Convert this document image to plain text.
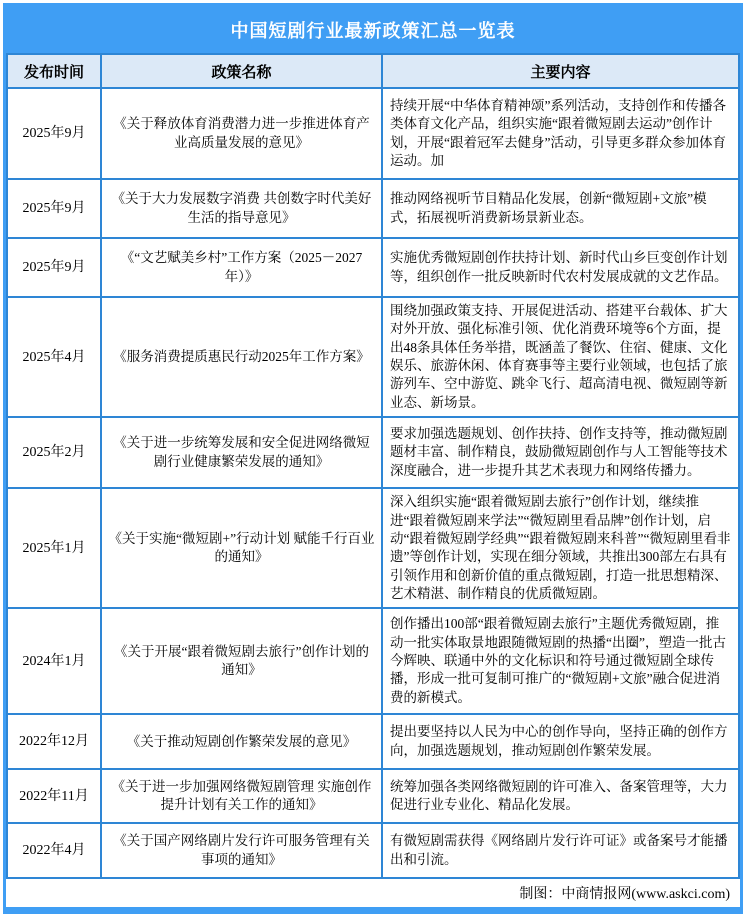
中国短剧行业最新政策汇总一览表
发布时间	政策名称	主要内容
2025年9月	《关于释放体育消费潜力进一步推进体育产业高质量发展的意见》	持续开展“中华体育精神颂”系列活动，支持创作和传播各类体育文化产品，组织实施“跟着微短剧去运动”创作计划，开展“跟着冠军去健身”活动，引导更多群众参加体育运动。加
2025年9月	《关于大力发展数字消费 共创数字时代美好生活的指导意见》	推动网络视听节目精品化发展，创新“微短剧+文旅”模式，拓展视听消费新场景新业态。
2025年9月	《“文艺赋美乡村”工作方案（2025－2027年）》	实施优秀微短剧创作扶持计划、新时代山乡巨变创作计划等，组织创作一批反映新时代农村发展成就的文艺作品。
2025年4月	《服务消费提质惠民行动2025年工作方案》	围绕加强政策支持、开展促进活动、搭建平台载体、扩大对外开放、强化标准引领、优化消费环境等6个方面，提出48条具体任务举措，既涵盖了餐饮、住宿、健康、文化娱乐、旅游休闲、体育赛事等主要行业领域，也包括了旅游列车、空中游览、跳伞飞行、超高清电视、微短剧等新业态、新场景。
2025年2月	《关于进一步统筹发展和安全促进网络微短剧行业健康繁荣发展的通知》	要求加强选题规划、创作扶持、创作支持等，推动微短剧题材丰富、制作精良，鼓励微短剧创作与人工智能等技术深度融合，进一步提升其艺术表现力和网络传播力。
2025年1月	《关于实施“微短剧+”行动计划 赋能千行百业的通知》	深入组织实施“跟着微短剧去旅行”创作计划，继续推进“跟着微短剧来学法”“微短剧里看品牌”创作计划，启动“跟着微短剧学经典”“跟着微短剧来科普”“微短剧里看非遗”等创作计划，实现在细分领域，共推出300部左右具有引领作用和创新价值的重点微短剧，打造一批思想精深、艺术精湛、制作精良的优质微短剧。
2024年1月	《关于开展“跟着微短剧去旅行”创作计划的通知》	创作播出100部“跟着微短剧去旅行”主题优秀微短剧，推动一批实体取景地跟随微短剧的热播“出圈”，塑造一批古今辉映、联通中外的文化标识和符号通过微短剧全球传播，形成一批可复制可推广的“微短剧+文旅”融合促进消费的新模式。
2022年12月	《关于推动短剧创作繁荣发展的意见》	提出要坚持以人民为中心的创作导向，坚持正确的创作方向，加强选题规划，推动短剧创作繁荣发展。
2022年11月	《关于进一步加强网络微短剧管理 实施创作提升计划有关工作的通知》	统筹加强各类网络微短剧的许可准入、备案管理等，大力促进行业专业化、精品化发展。
2022年4月	《关于国产网络剧片发行许可服务管理有关事项的通知》	有微短剧需获得《网络剧片发行许可证》或备案号才能播出和引流。
制图：中商情报网(www.askci.com)
